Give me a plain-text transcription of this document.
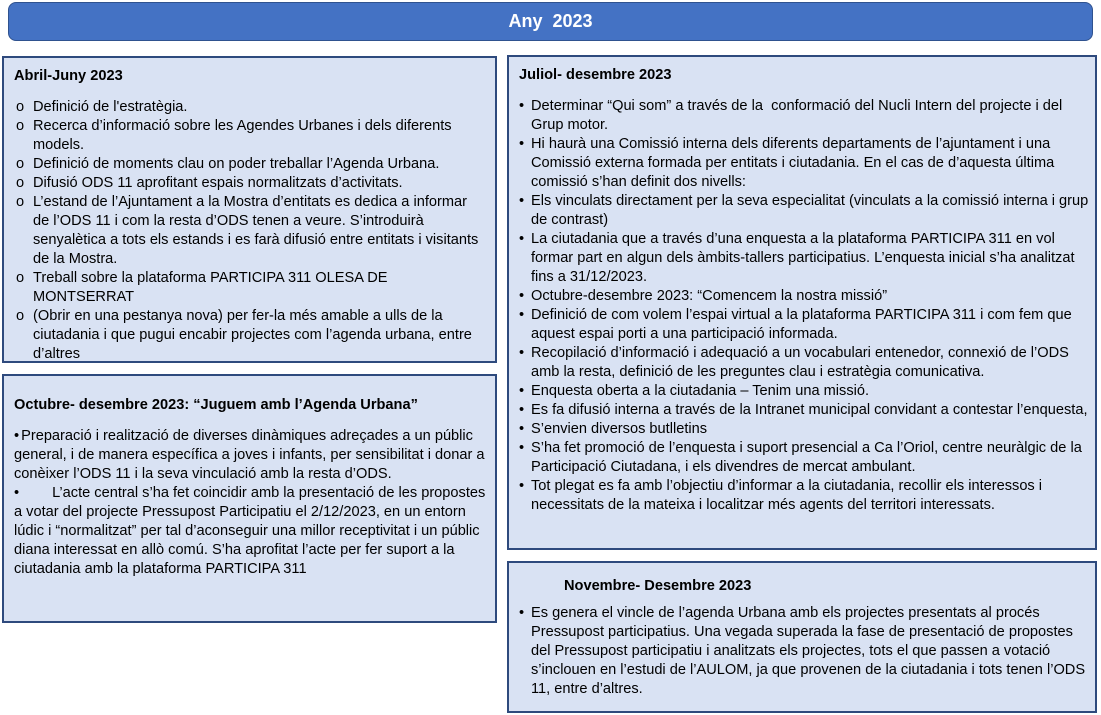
Any  2023
Abril-Juny 2023
o Definició de l'estratègia.
o Recerca d’informació sobre les Agendes Urbanes i dels diferents models.
o Definició de moments clau on poder treballar l’Agenda Urbana.
o Difusió ODS 11 aprofitant espais normalitzats d’activitats.
o L’estand de l’Ajuntament a la Mostra d’entitats es dedica a informar de l’ODS 11 i com la resta d’ODS tenen a veure. S’introduirà senyalètica a tots els estands i es farà difusió entre entitats i visitants de la Mostra.
o Treball sobre la plataforma PARTICIPA 311 OLESA DE MONTSERRAT
o (Obrir en una pestanya nova) per fer-la més amable a ulls de la ciutadania i que pugui encabir projectes com l’agenda urbana, entre d’altres
Octubre- desembre 2023: “Juguem amb l’Agenda Urbana”
• Preparació i realització de diverses dinàmiques adreçades a un públic general, i de manera específica a joves i infants, per sensibilitat i donar a conèixer l’ODS 11 i la seva vinculació amb la resta d’ODS.
• L’acte central s’ha fet coincidir amb la presentació de les propostes a votar del projecte Pressupost Participatiu el 2/12/2023, en un entorn lúdic i “normalitzat” per tal d’aconseguir una millor receptivitat i un públic diana interessat en allò comú. S’ha aprofitat l’acte per fer suport a la ciutadania amb la plataforma PARTICIPA 311
Juliol- desembre 2023
• Determinar “Qui som” a través de la  conformació del Nucli Intern del projecte i del Grup motor.
• Hi haurà una Comissió interna dels diferents departaments de l’ajuntament i una Comissió externa formada per entitats i ciutadania. En el cas de d’aquesta última comissió s’han definit dos nivells:
• Els vinculats directament per la seva especialitat (vinculats a la comissió interna i grup de contrast)
• La ciutadania que a través d’una enquesta a la plataforma PARTICIPA 311 en vol formar part en algun dels àmbits-tallers participatius. L’enquesta inicial s’ha analitzat fins a 31/12/2023.
• Octubre-desembre 2023: “Comencem la nostra missió”
• Definició de com volem l’espai virtual a la plataforma PARTICIPA 311 i com fem que aquest espai porti a una participació informada.
• Recopilació d’informació i adequació a un vocabulari entenedor, connexió de l’ODS amb la resta, definició de les preguntes clau i estratègia comunicativa.
• Enquesta oberta a la ciutadania – Tenim una missió.
• Es fa difusió interna a través de la Intranet municipal convidant a contestar l’enquesta,
• S’envien diversos butlletins
• S’ha fet promoció de l’enquesta i suport presencial a Ca l’Oriol, centre neuràlgic de la Participació Ciutadana, i els divendres de mercat ambulant.
• Tot plegat es fa amb l’objectiu d’informar a la ciutadania, recollir els interessos i necessitats de la mateixa i localitzar més agents del territori interessats.
Novembre- Desembre 2023
• Es genera el vincle de l’agenda Urbana amb els projectes presentats al procés Pressupost participatius. Una vegada superada la fase de presentació de propostes del Pressupost participatiu i analitzats els projectes, tots el que passen a votació s’inclouen en l’estudi de l’AULOM, ja que provenen de la ciutadania i tots tenen l’ODS 11, entre d’altres.
